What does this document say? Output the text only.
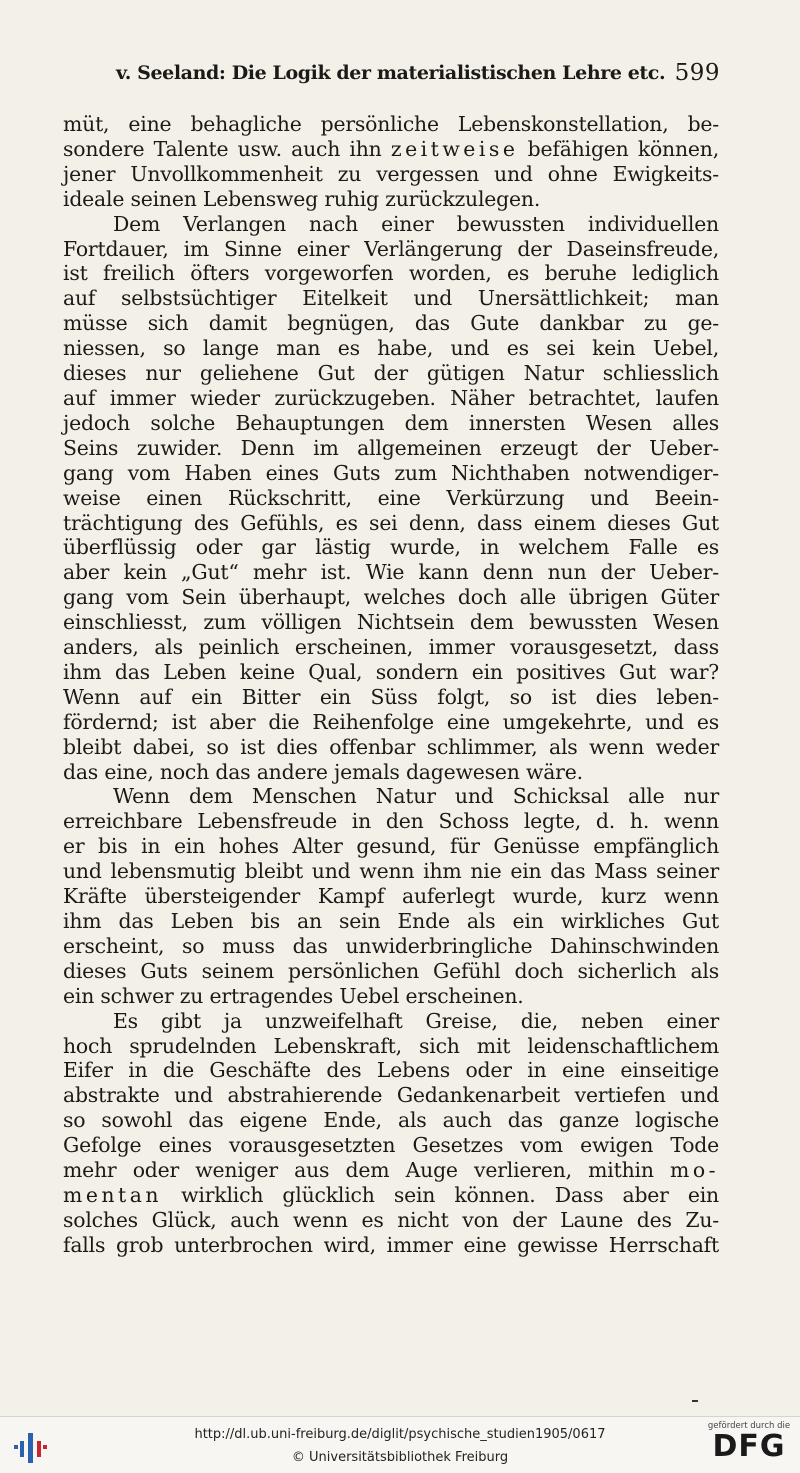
v. Seeland: Die Logik der materialistischen Lehre etc. 599
müt, eine behagliche persönliche Lebenskonstellation, be-
sondere Talente usw. auch ihn zeitweise befähigen können,
jener Unvollkommenheit zu vergessen und ohne Ewigkeits-
ideale seinen Lebensweg ruhig zurückzulegen.
Dem Verlangen nach einer bewussten individuellen
Fortdauer, im Sinne einer Verlängerung der Daseinsfreude,
ist freilich öfters vorgeworfen worden, es beruhe lediglich
auf selbstsüchtiger Eitelkeit und Unersättlichkeit; man
müsse sich damit begnügen, das Gute dankbar zu ge-
niessen, so lange man es habe, und es sei kein Uebel,
dieses nur geliehene Gut der gütigen Natur schliesslich
auf immer wieder zurückzugeben. Näher betrachtet, laufen
jedoch solche Behauptungen dem innersten Wesen alles
Seins zuwider. Denn im allgemeinen erzeugt der Ueber-
gang vom Haben eines Guts zum Nichthaben notwendiger-
weise einen Rückschritt, eine Verkürzung und Beein-
trächtigung des Gefühls, es sei denn, dass einem dieses Gut
überflüssig oder gar lästig wurde, in welchem Falle es
aber kein „Gut“ mehr ist. Wie kann denn nun der Ueber-
gang vom Sein überhaupt, welches doch alle übrigen Güter
einschliesst, zum völligen Nichtsein dem bewussten Wesen
anders, als peinlich erscheinen, immer vorausgesetzt, dass
ihm das Leben keine Qual, sondern ein positives Gut war?
Wenn auf ein Bitter ein Süss folgt, so ist dies leben-
fördernd; ist aber die Reihenfolge eine umgekehrte, und es
bleibt dabei, so ist dies offenbar schlimmer, als wenn weder
das eine, noch das andere jemals dagewesen wäre.
Wenn dem Menschen Natur und Schicksal alle nur
erreichbare Lebensfreude in den Schoss legte, d. h. wenn
er bis in ein hohes Alter gesund, für Genüsse empfänglich
und lebensmutig bleibt und wenn ihm nie ein das Mass seiner
Kräfte übersteigender Kampf auferlegt wurde, kurz wenn
ihm das Leben bis an sein Ende als ein wirkliches Gut
erscheint, so muss das unwiderbringliche Dahinschwinden
dieses Guts seinem persönlichen Gefühl doch sicherlich als
ein schwer zu ertragendes Uebel erscheinen.
Es gibt ja unzweifelhaft Greise, die, neben einer
hoch sprudelnden Lebenskraft, sich mit leidenschaftlichem
Eifer in die Geschäfte des Lebens oder in eine einseitige
abstrakte und abstrahierende Gedankenarbeit vertiefen und
so sowohl das eigene Ende, als auch das ganze logische
Gefolge eines vorausgesetzten Gesetzes vom ewigen Tode
mehr oder weniger aus dem Auge verlieren, mithin mo-
mentan wirklich glücklich sein können. Dass aber ein
solches Glück, auch wenn es nicht von der Laune des Zu-
falls grob unterbrochen wird, immer eine gewisse Herrschaft
http://dl.ub.uni-freiburg.de/diglit/psychische_studien1905/0617
© Universitätsbibliothek Freiburg
gefördert durch die
DFG
